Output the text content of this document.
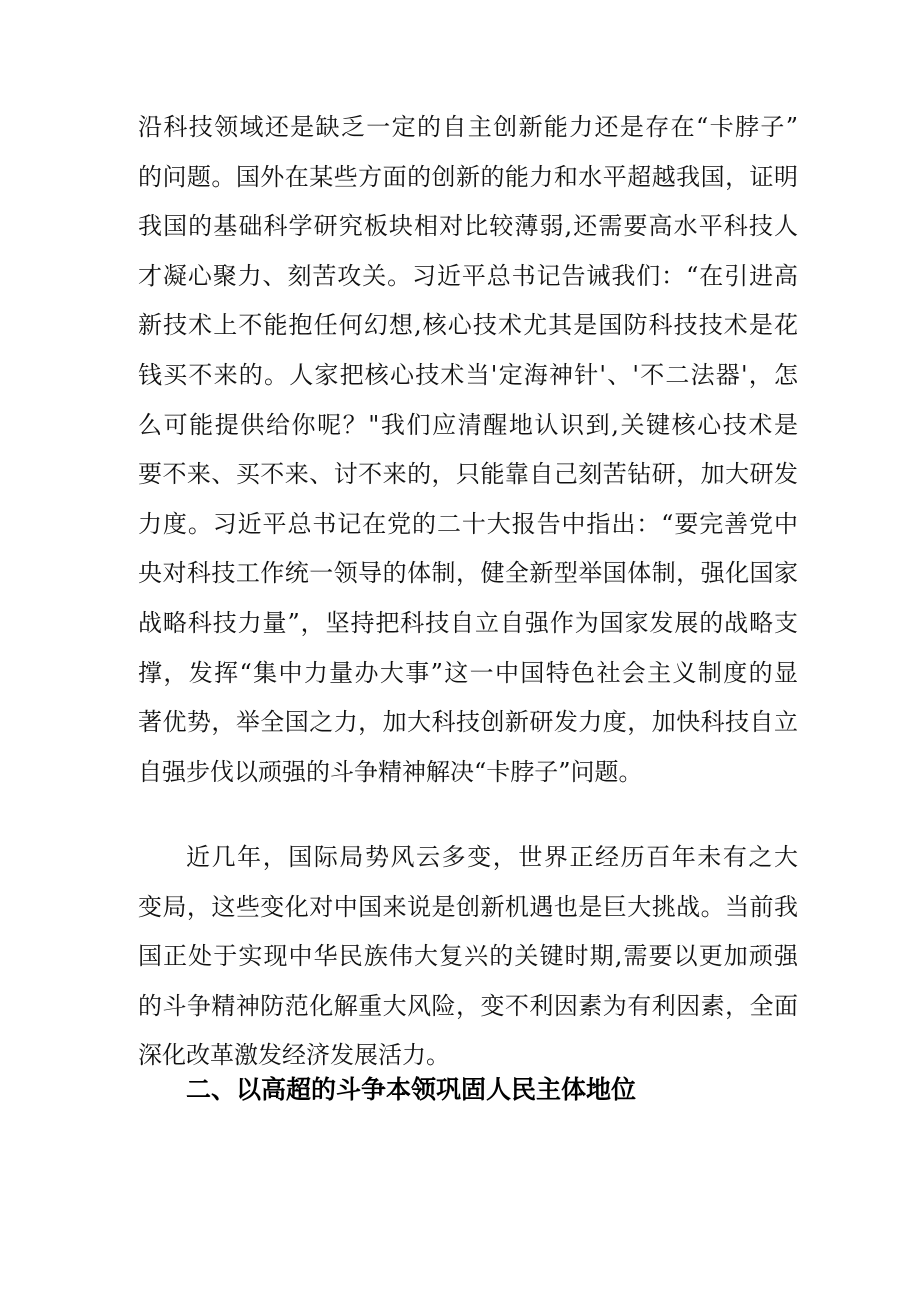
沿科技领域还是缺乏一定的自主创新能力还是存在“卡脖子”
的问题。国外在某些方面的创新的能力和水平超越我国，证明
我国的基础科学研究板块相对比较薄弱,还需要高水平科技人
才凝心聚力、刻苦攻关。习近平总书记告诫我们：“在引进高
新技术上不能抱任何幻想,核心技术尤其是国防科技技术是花
钱买不来的。人家把核心技术当'定海神针'、'不二法器'，怎
么可能提供给你呢？"我们应清醒地认识到,关键核心技术是
要不来、买不来、讨不来的，只能靠自己刻苦钻研，加大研发
力度。习近平总书记在党的二十大报告中指出：“要完善党中
央对科技工作统一领导的体制，健全新型举国体制，强化国家
战略科技力量”，坚持把科技自立自强作为国家发展的战略支
撑，发挥“集中力量办大事”这一中国特色社会主义制度的显
著优势，举全国之力，加大科技创新研发力度，加快科技自立
自强步伐以顽强的斗争精神解决“卡脖子”问题。
近几年，国际局势风云多变，世界正经历百年未有之大
变局，这些变化对中国来说是创新机遇也是巨大挑战。当前我
国正处于实现中华民族伟大复兴的关键时期,需要以更加顽强
的斗争精神防范化解重大风险，变不利因素为有利因素，全面
深化改革激发经济发展活力。
二、以高超的斗争本领巩固人民主体地位
